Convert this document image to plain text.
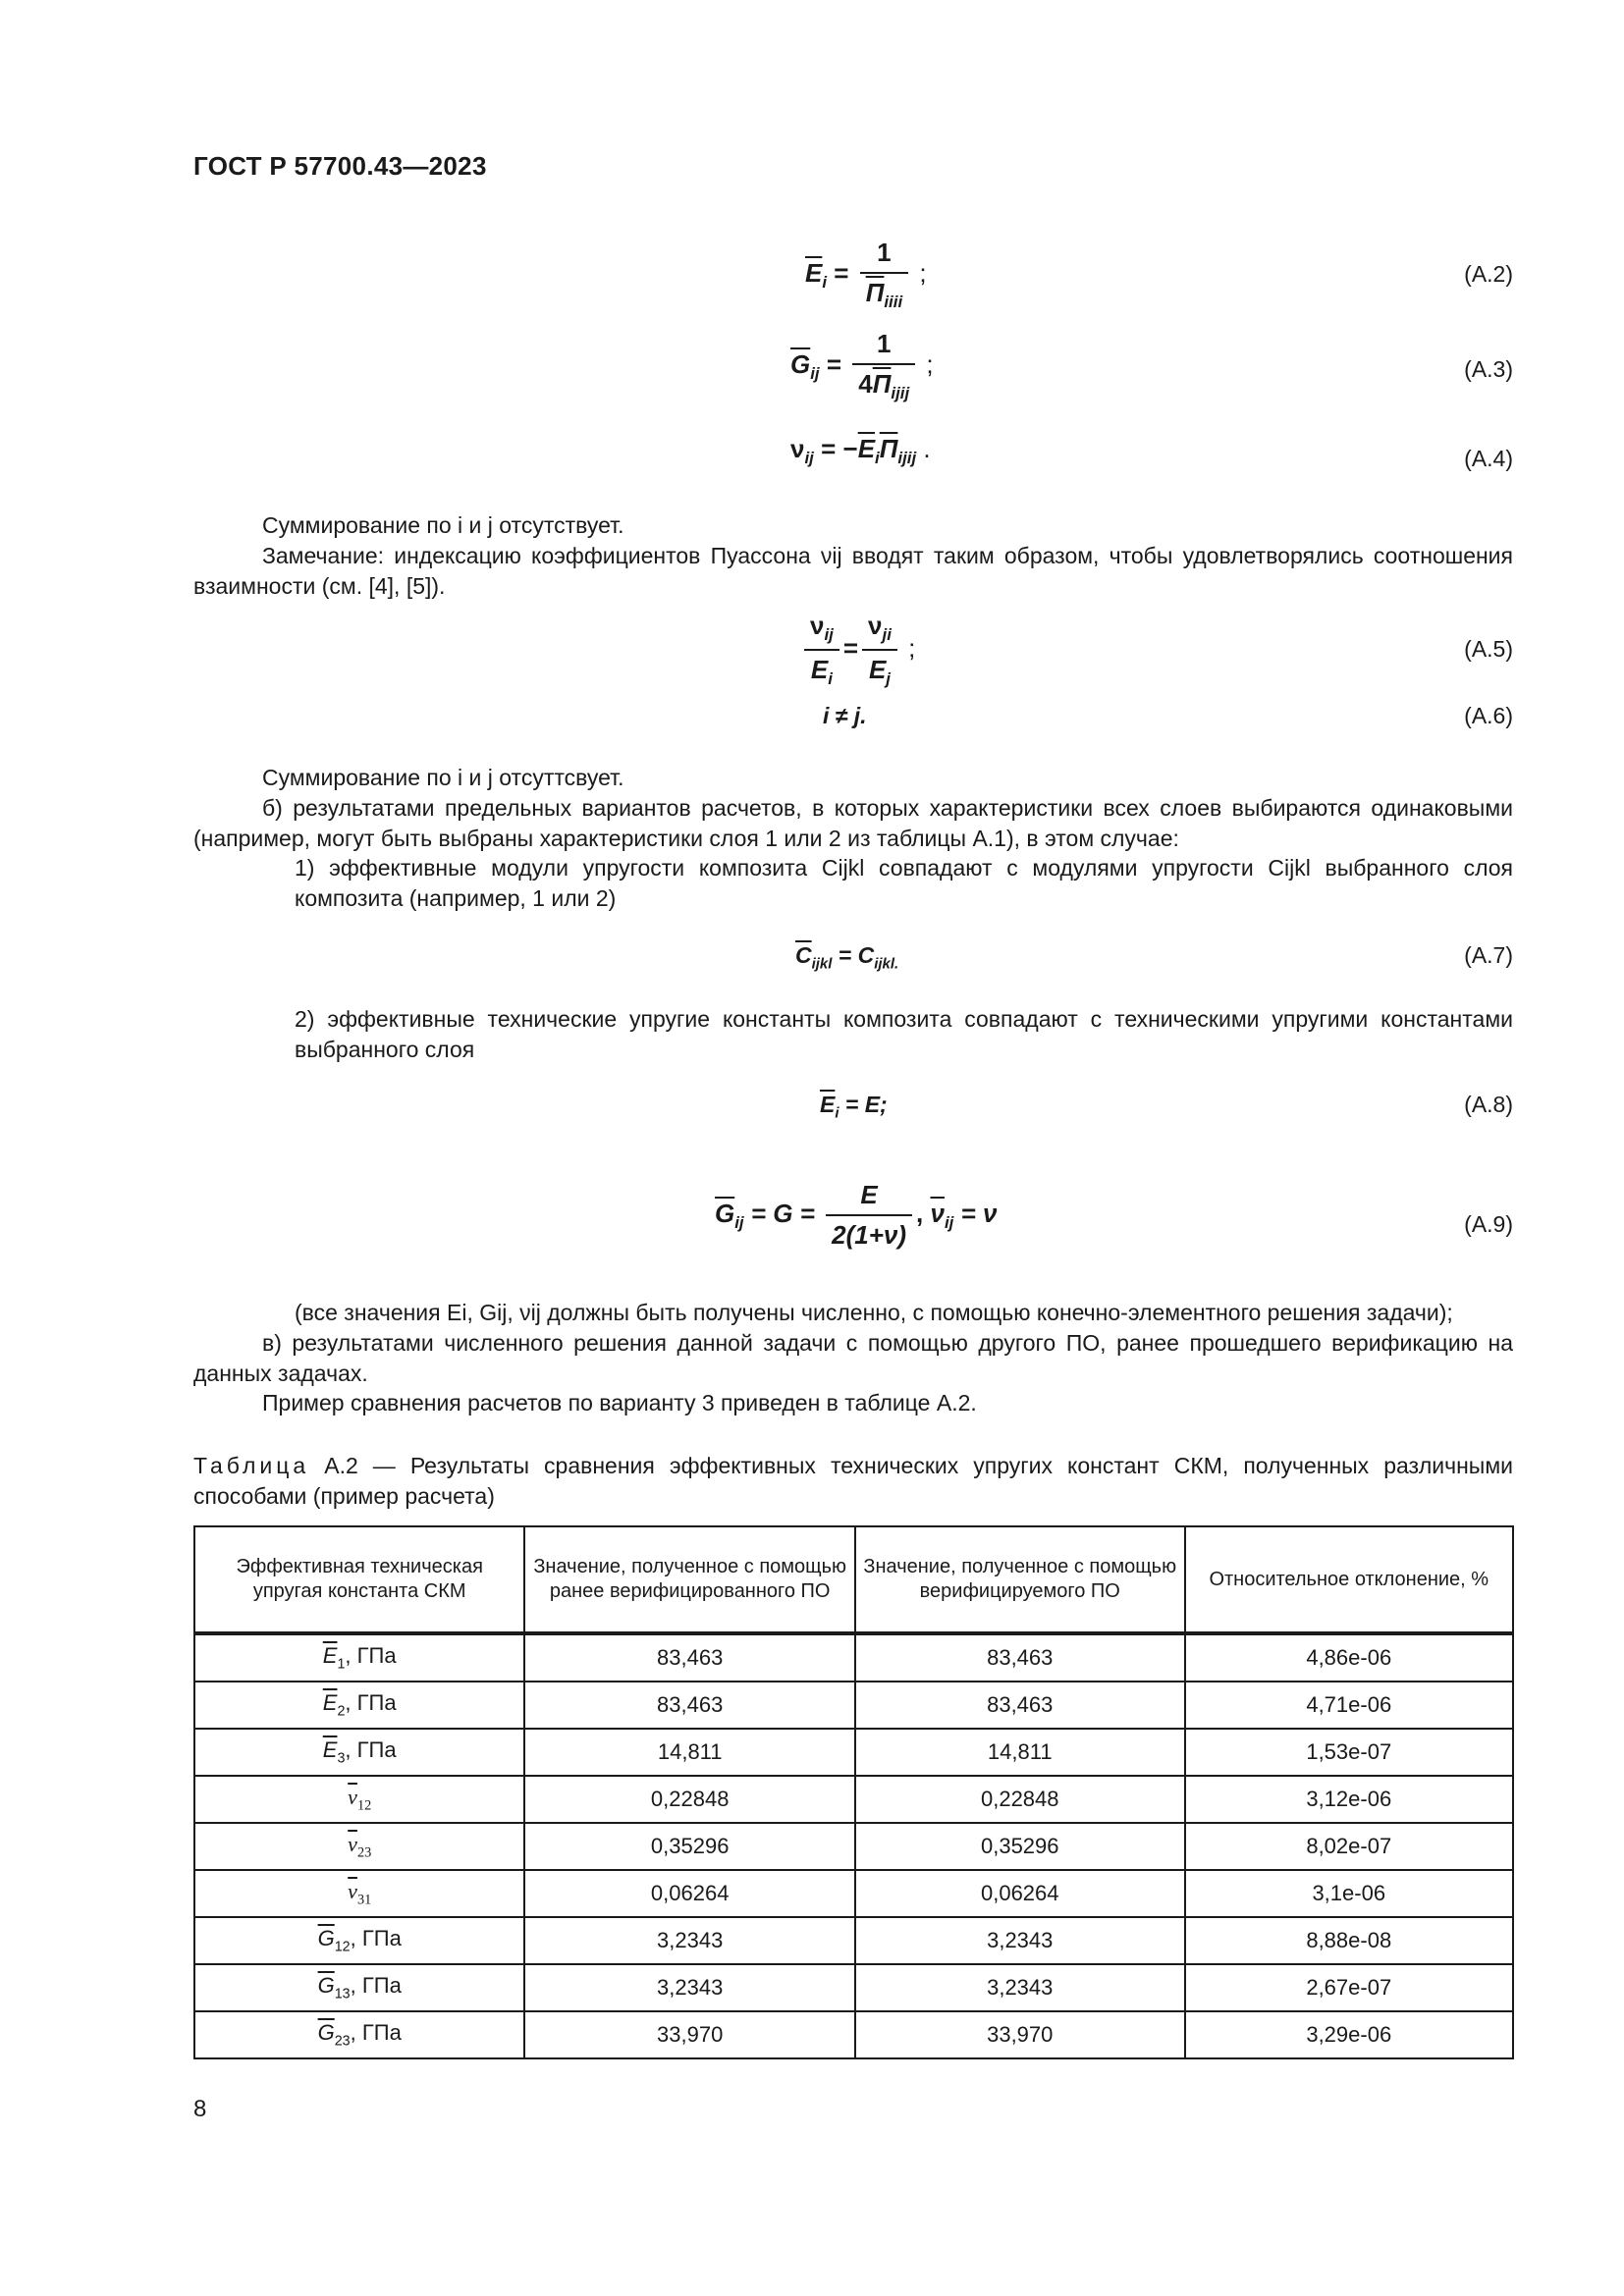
ГОСТ Р 57700.43—2023
$\overline{E}_i = \frac{1}{\overline{\Pi}_{iiii}}$ ;	(A.2)
$\overline{G}_{ij} = \frac{1}{4\overline{\Pi}_{ijij}}$ ;	(A.3)
$\nu_{ij} = -\overline{E}_i\overline{\Pi}_{ijij}$ .	(A.4)
Суммирование по i и j отсутствует.
Замечание: индексацию коэффициентов Пуассона νij вводят таким образом, чтобы удовлетворялись соотношения взаимности (см. [4], [5]).
$\frac{\nu_{ij}}{E_i} = \frac{\nu_{ji}}{E_j}$ ;	(A.5)
i ≠ j.	(A.6)
Суммирование по i и j отсуттсвует.
б) результатами предельных вариантов расчетов, в которых характеристики всех слоев выбираются одинаковыми (например, могут быть выбраны характеристики слоя 1 или 2 из таблицы А.1), в этом случае:
1) эффективные модули упругости композита Cijkl совпадают с модулями упругости Cijkl выбранного слоя композита (например, 1 или 2)
$\overline{C}_{ijkl} = C_{ijkl.}$	(A.7)
2) эффективные технические упругие константы композита совпадают с техническими упругими константами выбранного слоя
$\overline{E}_i = E$;	(A.8)
$\overline{G}_{ij} = G = \frac{E}{2(1+\nu)}$ , $\overline{\nu}_{ij} = \nu$	(A.9)
(все значения Ei, Gij, νij должны быть получены численно, с помощью конечно-элементного решения задачи);
в) результатами численного решения данной задачи с помощью другого ПО, ранее прошедшего верификацию на данных задачах.
Пример сравнения расчетов по варианту 3 приведен в таблице А.2.
Таблица А.2 — Результаты сравнения эффективных технических упругих констант СКМ, полученных различными способами (пример расчета)
Эффективная техническая упругая константа СКМ	Значение, полученное с помощью ранее верифицированного ПО	Значение, полученное с помощью верифицируемого ПО	Относительное отклонение, %
$\overline{E}_1$, ГПа	83,463	83,463	4,86e-06
$\overline{E}_2$, ГПа	83,463	83,463	4,71e-06
$\overline{E}_3$, ГПа	14,811	14,811	1,53e-07
$\overline{\nu}_{12}$	0,22848	0,22848	3,12e-06
$\overline{\nu}_{23}$	0,35296	0,35296	8,02e-07
$\overline{\nu}_{31}$	0,06264	0,06264	3,1e-06
$\overline{G}_{12}$, ГПа	3,2343	3,2343	8,88e-08
$\overline{G}_{13}$, ГПа	3,2343	3,2343	2,67e-07
$\overline{G}_{23}$, ГПа	33,970	33,970	3,29e-06
8
